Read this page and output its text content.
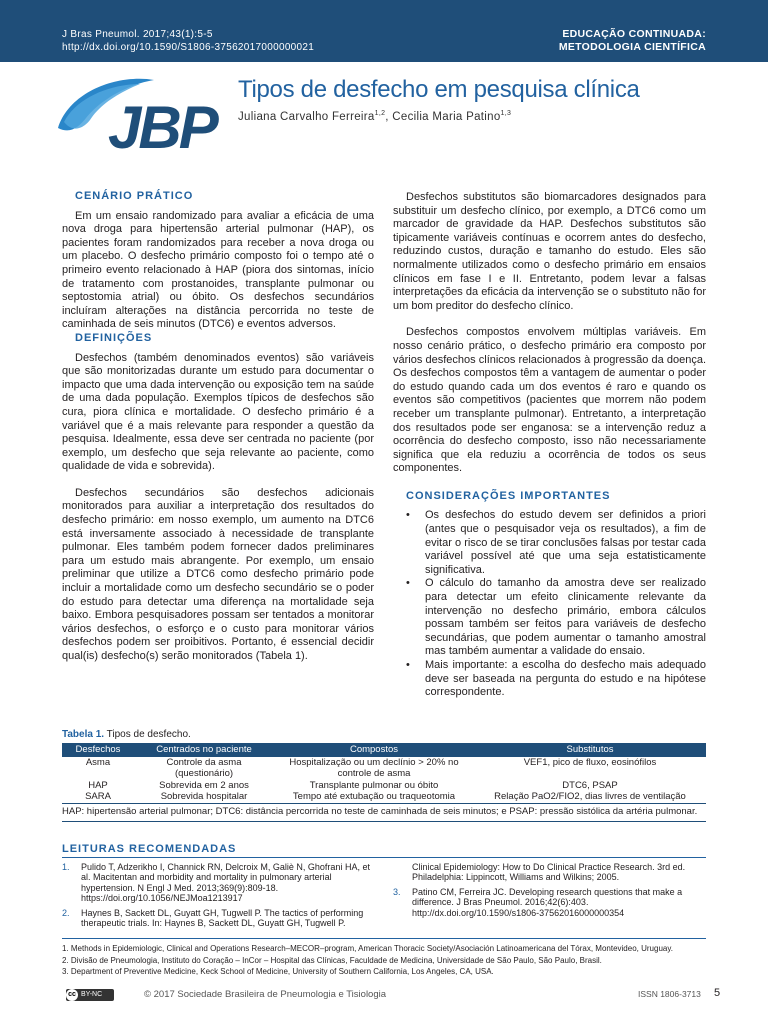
J Bras Pneumol. 2017;43(1):5-5
http://dx.doi.org/10.1590/S1806-37562017000000021
EDUCAÇÃO CONTINUADA:
METODOLOGIA CIENTÍFICA
JBP
Tipos de desfecho em pesquisa clínica
Juliana Carvalho Ferreira$^{1,2}$, Cecilia Maria Patino$^{1,3}$
CENÁRIO PRÁTICO

Em um ensaio randomizado para avaliar a eficácia de uma nova droga para hipertensão arterial pulmonar (HAP), os pacientes foram randomizados para receber a nova droga ou um placebo. O desfecho primário composto foi o tempo até o primeiro evento relacionado à HAP (piora dos sintomas, início de tratamento com prostanoides, transplante pulmonar ou septostomia atrial) ou óbito. Os desfechos secundários incluíram alterações na distância percorrida no teste de caminhada de seis minutos (DTC6) e eventos adversos.

DEFINIÇÕES

Desfechos (também denominados eventos) são variáveis que são monitorizadas durante um estudo para documentar o impacto que uma dada intervenção ou exposição tem na saúde de uma dada população. Exemplos típicos de desfechos são cura, piora clínica e mortalidade. O desfecho primário é a variável que é a mais relevante para responder a questão da pesquisa. Idealmente, essa deve ser centrada no paciente (por exemplo, um desfecho que seja relevante ao paciente, como qualidade de vida e sobrevida).

Desfechos secundários são desfechos adicionais monitorados para auxiliar a interpretação dos resultados do desfecho primário: em nosso exemplo, um aumento na DTC6 está inversamente associado à necessidade de transplante pulmonar. Eles também podem fornecer dados preliminares para um estudo mais abrangente. Por exemplo, um ensaio preliminar que utilize a DTC6 como desfecho primário pode incluir a mortalidade como um desfecho secundário se o poder do estudo para detectar uma diferença na mortalidade seja baixo. Embora pesquisadores possam ser tentados a monitorar vários desfechos, o esforço e o custo para monitorar vários desfechos podem ser proibitivos. Portanto, é essencial decidir qual(is) desfecho(s) serão monitorados (Tabela 1).

Desfechos substitutos são biomarcadores designados para substituir um desfecho clínico, por exemplo, a DTC6 como um marcador de gravidade da HAP. Desfechos substitutos são tipicamente variáveis contínuas e ocorrem antes do desfecho, reduzindo custos, duração e tamanho do estudo. Eles são normalmente utilizados como o desfecho primário em ensaios clínicos em fase I e II. Entretanto, podem levar a falsas interpretações da eficácia da intervenção se o substituto não for um bom preditor do desfecho clínico.

Desfechos compostos envolvem múltiplas variáveis. Em nosso cenário prático, o desfecho primário era composto por vários desfechos clínicos relacionados à progressão da doença. Os desfechos compostos têm a vantagem de aumentar o poder do estudo quando cada um dos eventos é raro e quando os eventos são competitivos (pacientes que morrem não podem receber um transplante pulmonar). Entretanto, a interpretação dos resultados pode ser enganosa: se a intervenção reduz a ocorrência do desfecho composto, isso não necessariamente significa que ela reduziu a ocorrência de todos os seus componentes.

CONSIDERAÇÕES IMPORTANTES
• Os desfechos do estudo devem ser definidos a priori (antes que o pesquisador veja os resultados), a fim de evitar o risco de se tirar conclusões falsas por testar cada variável possível até que uma seja estatisticamente significativa.
• O cálculo do tamanho da amostra deve ser realizado para detectar um efeito clinicamente relevante da intervenção no desfecho primário, embora cálculos possam também ser feitos para variáveis de desfecho secundárias, que podem aumentar o tamanho amostral mas também aumentar a validade do ensaio.
• Mais importante: a escolha do desfecho mais adequado deve ser baseada na pergunta do estudo e na hipótese correspondente.
Tabela 1. Tipos de desfecho.
Desfechos	Centrados no paciente	Compostos	Substitutos
Asma	Controle da asma (questionário)	Hospitalização ou um declínio > 20% no controle de asma	VEF1, pico de fluxo, eosinófilos
HAP	Sobrevida em 2 anos	Transplante pulmonar ou óbito	DTC6, PSAP
SARA	Sobrevida hospitalar	Tempo até extubação ou traqueotomia	Relação PaO2/FIO2, dias livres de ventilação
HAP: hipertensão arterial pulmonar; DTC6: distância percorrida no teste de caminhada de seis minutos; e PSAP: pressão sistólica da artéria pulmonar.
LEITURAS RECOMENDADAS
1. Pulido T, Adzerikho I, Channick RN, Delcroix M, Galiè N, Ghofrani HA, et al. Macitentan and morbidity and mortality in pulmonary arterial hypertension. N Engl J Med. 2013;369(9):809-18. https://doi.org/10.1056/NEJMoa1213917
2. Haynes B, Sackett DL, Guyatt GH, Tugwell P. The tactics of performing therapeutic trials. In: Haynes B, Sackett DL, Guyatt GH, Tugwell P.
Clinical Epidemiology: How to Do Clinical Practice Research. 3rd ed. Philadelphia: Lippincott, Williams and Wilkins; 2005.
3. Patino CM, Ferreira JC. Developing research questions that make a difference. J Bras Pneumol. 2016;42(6):403. http://dx.doi.org/10.1590/s1806-37562016000000354
1. Methods in Epidemiologic, Clinical and Operations Research–MECOR–program, American Thoracic Society/Asociación Latinoamericana del Tórax, Montevideo, Uruguay.
2. Divisão de Pneumologia, Instituto do Coração – InCor – Hospital das Clínicas, Faculdade de Medicina, Universidade de São Paulo, São Paulo, Brasil.
3. Department of Preventive Medicine, Keck School of Medicine, University of Southern California, Los Angeles, CA, USA.
cc BY-NC	© 2017 Sociedade Brasileira de Pneumologia e Tisiologia	ISSN 1806-3713 5
